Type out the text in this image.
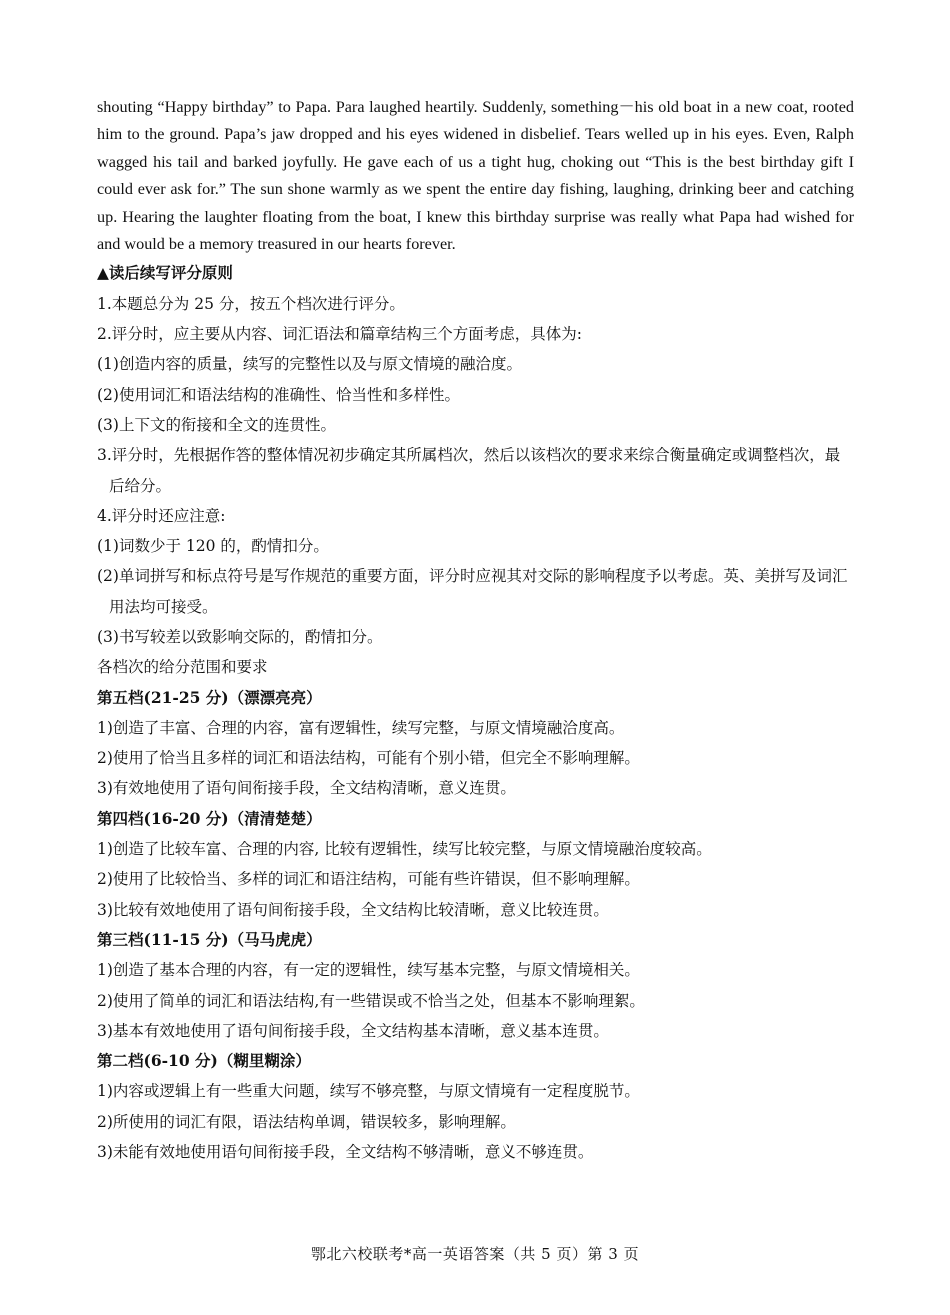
shouting “Happy birthday” to Papa. Para laughed heartily. Suddenly, something－his old boat in a new coat, rooted him to the ground. Papa’s jaw dropped and his eyes widened in disbelief. Tears welled up in his eyes. Even, Ralph wagged his tail and barked joyfully. He gave each of us a tight hug, choking out “This is the best birthday gift I could ever ask for.” The sun shone warmly as we spent the entire day fishing, laughing, drinking beer and catching up. Hearing the laughter floating from the boat, I knew this birthday surprise was really what Papa had wished for and would be a memory treasured in our hearts forever.

▲读后续写评分原则

1.本题总分为 25 分，按五个档次进行评分。

2.评分时，应主要从内容、词汇语法和篇章结构三个方面考虑，具体为:

(1)创造内容的质量，续写的完整性以及与原文情境的融洽度。

(2)使用词汇和语法结构的准确性、恰当性和多样性。

(3)上下文的衔接和全文的连贯性。

3.评分时，先根据作答的整体情况初步确定其所属档次，然后以该档次的要求来综合衡量确定或调整档次，最后给分。

4.评分时还应注意:

(1)词数少于 120 的，酌情扣分。

(2)单词拼写和标点符号是写作规范的重要方面，评分时应视其对交际的影响程度予以考虑。英、美拼写及词汇用法均可接受。

(3)书写较差以致影响交际的，酌情扣分。

各档次的给分范围和要求

第五档(21-25 分)（漂漂亮亮）

1)创造了丰富、合理的内容，富有逻辑性，续写完整，与原文情境融洽度高。

2)使用了恰当且多样的词汇和语法结构，可能有个别小错，但完全不影响理解。

3)有效地使用了语句间衔接手段，全文结构清晰，意义连贯。

第四档(16-20 分)（清清楚楚）

1)创造了比较车富、合理的内容, 比较有逻辑性，续写比较完整，与原文情境融治度较高。

2)使用了比较恰当、多样的词汇和语注结构，可能有些许错误，但不影响理解。

3)比较有效地使用了语句间衔接手段，全文结构比较清晰，意义比较连贯。

第三档(11-15 分)（马马虎虎）

1)创造了基本合理的内容，有一定的逻辑性，续写基本完整，与原文情境相关。

2)使用了简单的词汇和语法结构,有一些错误或不恰当之处，但基本不影响理絮。

3)基本有效地使用了语句间衔接手段，全文结构基本清晰，意义基本连贯。

第二档(6-10 分)（糊里糊涂）

1)内容或逻辑上有一些重大问题，续写不够亮整，与原文情境有一定程度脱节。

2)所使用的词汇有限，语法结构单调，错误较多，影响理解。

3)未能有效地使用语句间衔接手段，全文结构不够清晰，意义不够连贯。

鄂北六校联考*高一英语答案（共 5 页）第 3 页
